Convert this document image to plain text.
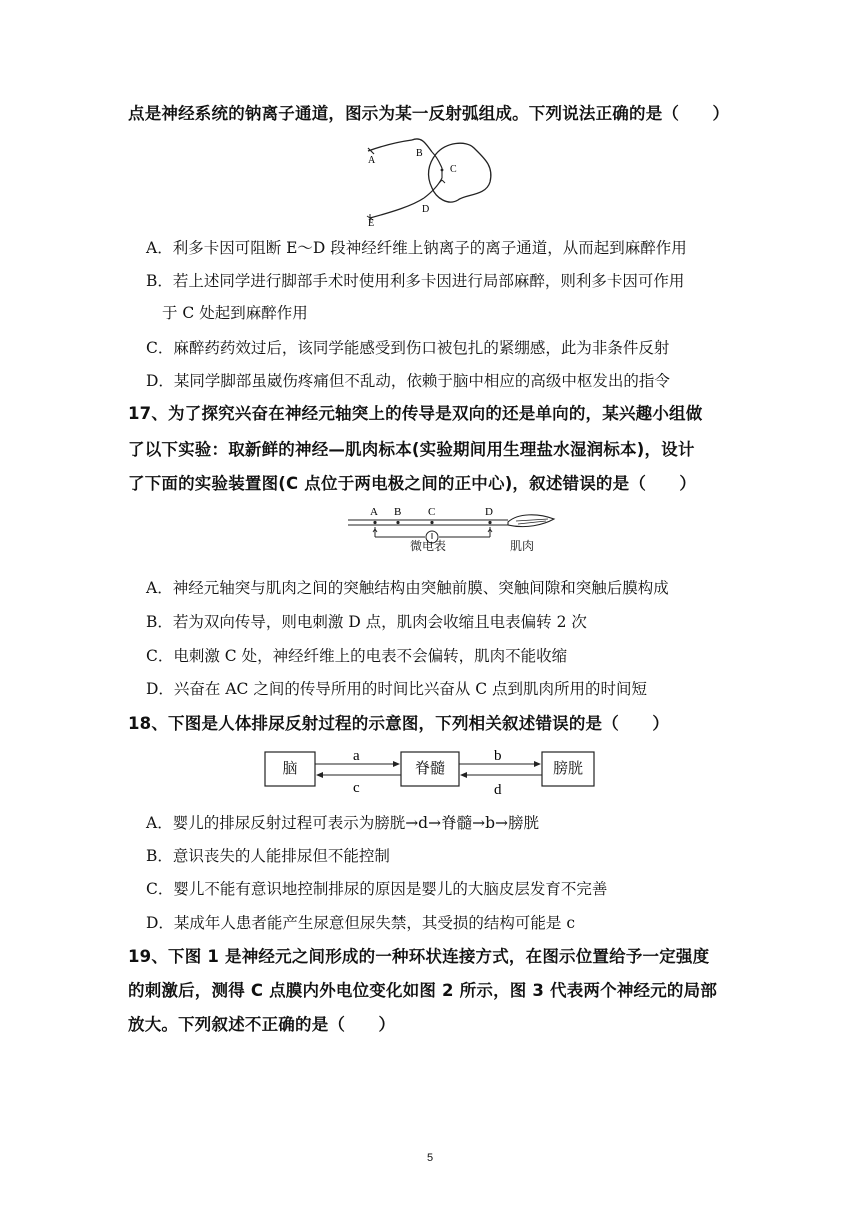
点是神经系统的钠离子通道，图示为某一反射弧组成。下列说法正确的是（　　）
A
B
C
D
E
A．利多卡因可阻断 E～D 段神经纤维上钠离子的离子通道，从而起到麻醉作用
B．若上述同学进行脚部手术时使用利多卡因进行局部麻醉，则利多卡因可作用
于 C 处起到麻醉作用
C．麻醉药药效过后，该同学能感受到伤口被包扎的紧绷感，此为非条件反射
D．某同学脚部虽崴伤疼痛但不乱动，依赖于脑中相应的高级中枢发出的指令
17、为了探究兴奋在神经元轴突上的传导是双向的还是单向的，某兴趣小组做
了以下实验：取新鲜的神经—肌肉标本(实验期间用生理盐水湿润标本)，设计
了下面的实验装置图(C 点位于两电极之间的正中心)，叙述错误的是（　　）
A B C	D
微电表	肌肉
A．神经元轴突与肌肉之间的突触结构由突触前膜、突触间隙和突触后膜构成
B．若为双向传导，则电刺激 D 点，肌肉会收缩且电表偏转 2 次
C．电刺激 C 处，神经纤维上的电表不会偏转，肌肉不能收缩
D．兴奋在 AC 之间的传导所用的时间比兴奋从 C 点到肌肉所用的时间短
18、下图是人体排尿反射过程的示意图，下列相关叙述错误的是（　　）
a
c
b
d
脑	脊髓	膀胱
A．婴儿的排尿反射过程可表示为膀胱→d→脊髓→b→膀胱
B．意识丧失的人能排尿但不能控制
C．婴儿不能有意识地控制排尿的原因是婴儿的大脑皮层发育不完善
D．某成年人患者能产生尿意但尿失禁，其受损的结构可能是 c
19、下图 1 是神经元之间形成的一种环状连接方式，在图示位置给予一定强度
的刺激后，测得 C 点膜内外电位变化如图 2 所示，图 3 代表两个神经元的局部
放大。下列叙述不正确的是（　　）
5
